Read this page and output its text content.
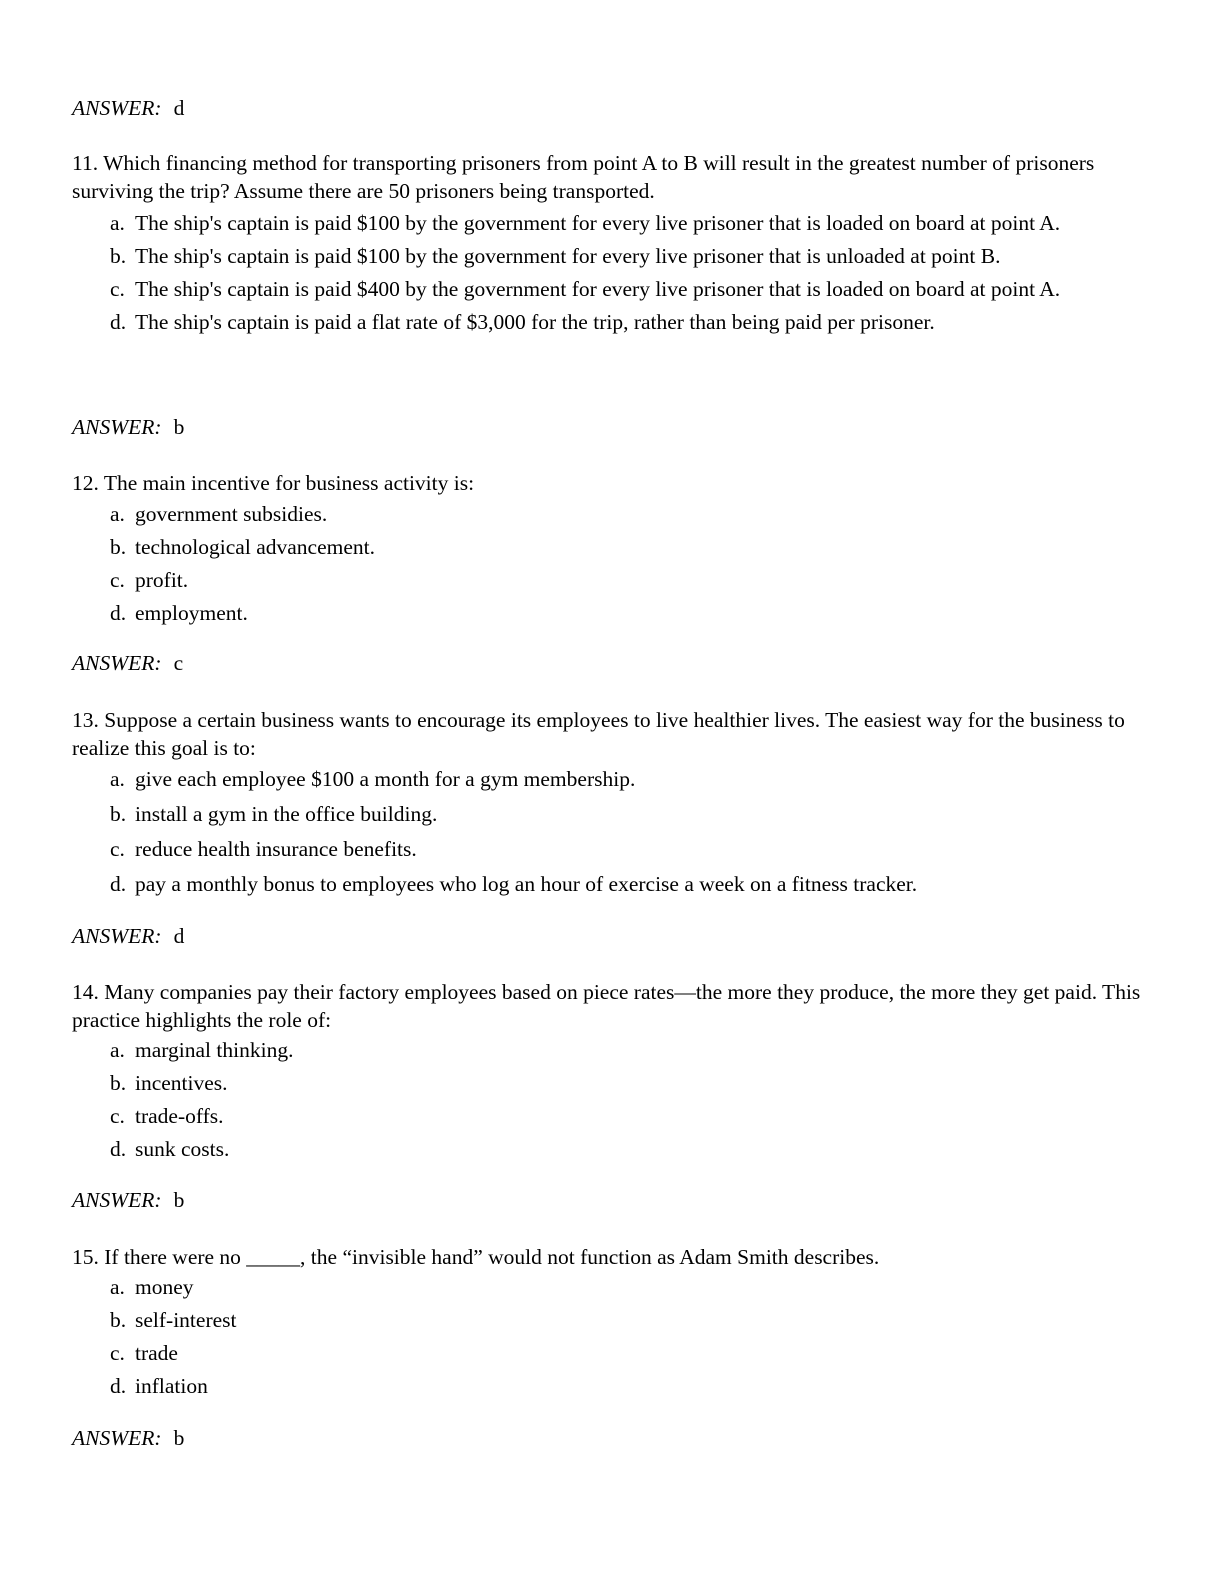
ANSWER: d

11. Which financing method for transporting prisoners from point A to B will result in the greatest number of prisoners surviving the trip? Assume there are 50 prisoners being transported.

a. The ship's captain is paid $100 by the government for every live prisoner that is loaded on board at point A.
b. The ship's captain is paid $100 by the government for every live prisoner that is unloaded at point B.
c. The ship's captain is paid $400 by the government for every live prisoner that is loaded on board at point A.
d. The ship's captain is paid a flat rate of $3,000 for the trip, rather than being paid per prisoner.
ANSWER: b

12. The main incentive for business activity is:

a. government subsidies.
b. technological advancement.
c. profit.
d. employment.
ANSWER: c

13. Suppose a certain business wants to encourage its employees to live healthier lives. The easiest way for the business to realize this goal is to:

a. give each employee $100 a month for a gym membership.
b. install a gym in the office building.
c. reduce health insurance benefits.
d. pay a monthly bonus to employees who log an hour of exercise a week on a fitness tracker.
ANSWER: d

14. Many companies pay their factory employees based on piece rates—the more they produce, the more they get paid. This practice highlights the role of:

a. marginal thinking.
b. incentives.
c. trade-offs.
d. sunk costs.
ANSWER: b

15. If there were no _____, the “invisible hand” would not function as Adam Smith describes.

a. money
b. self-interest
c. trade
d. inflation
ANSWER: b
